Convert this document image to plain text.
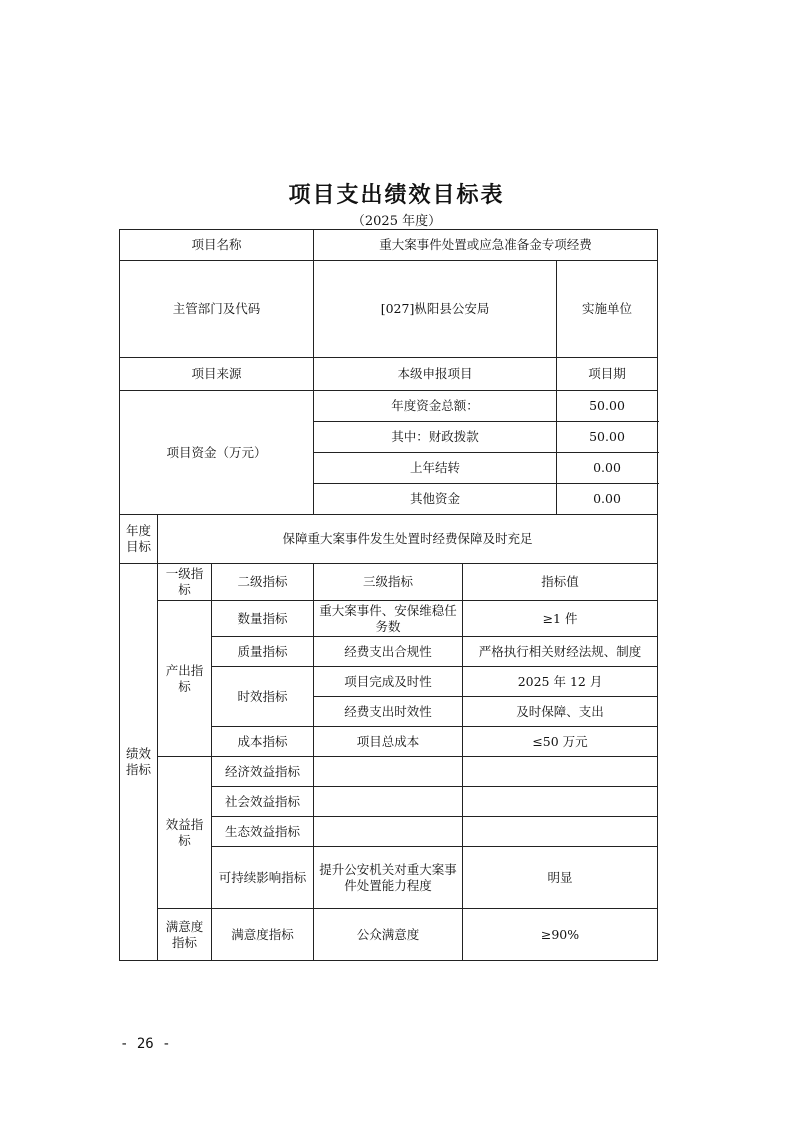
项目支出绩效目标表
（2025 年度）
项目名称			重大案事件处置或应急准备金专项经费			
主管部门及代码			[027]枞阳县公安局		实施单位	
项目来源			本级申报项目		项目期	
项目资金（万元）			年度资金总额：		50.00	
			其中：财政拨款		50.00	
			上年结转		0.00	
			其他资金		0.00	
年度目标	保障重大案事件发生处置时经费保障及时充足					
绩效指标	一级指标	二级指标	三级指标	指标值		
	产出指标	数量指标	重大案事件、安保维稳任务数	≥1 件		
		质量指标	经费支出合规性	严格执行相关财经法规、制度		
		时效指标	项目完成及时性	2025 年 12 月		
			经费支出时效性	及时保障、支出		
		成本指标	项目总成本	≤50 万元		
	效益指标	经济效益指标				
		社会效益指标				
		生态效益指标				
		可持续影响指标	提升公安机关对重大案事件处置能力程度	明显		
	满意度指标	满意度指标	公众满意度	≥90%		
- 26 -
